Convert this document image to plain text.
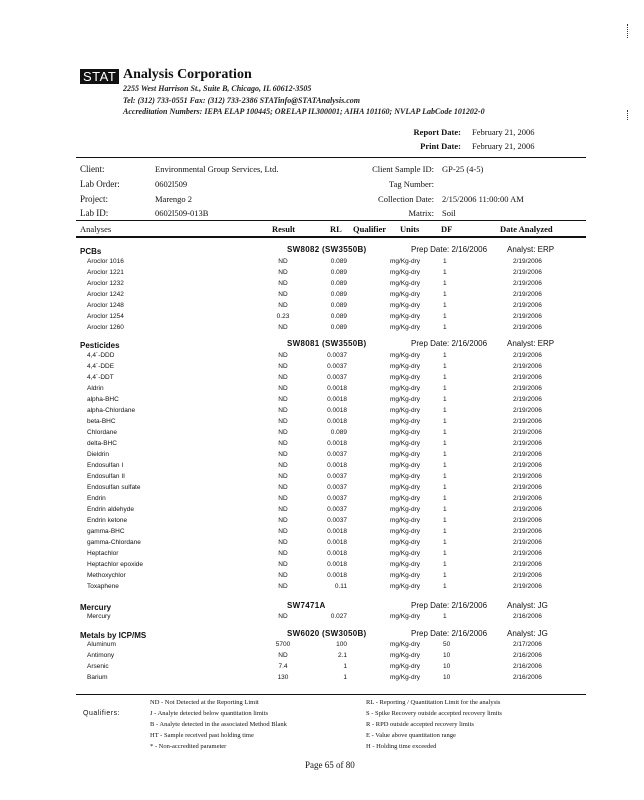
STAT Analysis Corporation
2255 West Harrison St., Suite B, Chicago, IL 60612-3505
Tel: (312) 733-0551 Fax: (312) 733-2386 STATinfo@STATAnalysis.com
Accreditation Numbers: IEPA ELAP 100445; ORELAP IL300001; AIHA 101160; NVLAP LabCode 101202-0
Report Date: February 21, 2006
Print Date: February 21, 2006
Client:	Environmental Group Services, Ltd.
Lab Order:	0602l509
Project:	Marengo 2
Lab ID:	0602l509-013B
Client Sample ID: GP-25 (4-5)
Tag Number:
Collection Date: 2/15/2006 11:00:00 AM
Matrix: Soil
Analyses	Result	RL Qualifier Units	DF	Date Analyzed
PCBs	SW8082 (SW3550B)	Prep Date: 2/16/2006 Analyst: ERP
Aroclor 1016	ND	0.089	mg/Kg-dry	1	2/19/2006
Aroclor 1221	ND	0.089	mg/Kg-dry	1	2/19/2006
Aroclor 1232	ND	0.089	mg/Kg-dry	1	2/19/2006
Aroclor 1242	ND	0.089	mg/Kg-dry	1	2/19/2006
Aroclor 1248	ND	0.089	mg/Kg-dry	1	2/19/2006
Aroclor 1254	0.23	0.089	mg/Kg-dry	1	2/19/2006
Aroclor 1260	ND	0.089	mg/Kg-dry	1	2/19/2006
Pesticides	SW8081 (SW3550B)	Prep Date: 2/16/2006 Analyst: ERP
4,4´-DDD	ND	0.0037	mg/Kg-dry	1	2/19/2006
4,4´-DDE	ND	0.0037	mg/Kg-dry	1	2/19/2006
4,4´-DDT	ND	0.0037	mg/Kg-dry	1	2/19/2006
Aldrin	ND	0.0018	mg/Kg-dry	1	2/19/2006
alpha-BHC	ND	0.0018	mg/Kg-dry	1	2/19/2006
alpha-Chlordane	ND	0.0018	mg/Kg-dry	1	2/19/2006
beta-BHC	ND	0.0018	mg/Kg-dry	1	2/19/2006
Chlordane	ND	0.089	mg/Kg-dry	1	2/19/2006
delta-BHC	ND	0.0018	mg/Kg-dry	1	2/19/2006
Dieldrin	ND	0.0037	mg/Kg-dry	1	2/19/2006
Endosulfan I	ND	0.0018	mg/Kg-dry	1	2/19/2006
Endosulfan II	ND	0.0037	mg/Kg-dry	1	2/19/2006
Endosulfan sulfate	ND	0.0037	mg/Kg-dry	1	2/19/2006
Endrin	ND	0.0037	mg/Kg-dry	1	2/19/2006
Endrin aldehyde	ND	0.0037	mg/Kg-dry	1	2/19/2006
Endrin ketone	ND	0.0037	mg/Kg-dry	1	2/19/2006
gamma-BHC	ND	0.0018	mg/Kg-dry	1	2/19/2006
gamma-Chlordane	ND	0.0018	mg/Kg-dry	1	2/19/2006
Heptachlor	ND	0.0018	mg/Kg-dry	1	2/19/2006
Heptachlor epoxide	ND	0.0018	mg/Kg-dry	1	2/19/2006
Methoxychlor	ND	0.0018	mg/Kg-dry	1	2/19/2006
Toxaphene	ND	0.11	mg/Kg-dry	1	2/19/2006
Mercury	SW7471A	Prep Date: 2/16/2006 Analyst: JG
Mercury	ND	0.027	mg/Kg-dry	1	2/16/2006
Metals by ICP/MS	SW6020 (SW3050B)	Prep Date: 2/16/2006 Analyst: JG
Aluminum	5700	100	mg/Kg-dry	50	2/17/2006
Antimony	ND	2.1	mg/Kg-dry	10	2/16/2006
Arsenic	7.4	1	mg/Kg-dry	10	2/16/2006
Barium	130	1	mg/Kg-dry	10	2/16/2006
Qualifiers:
ND - Not Detected at the Reporting Limit
J - Analyte detected below quantitation limits
B - Analyte detected in the associated Method Blank
HT - Sample received past holding time
* - Non-accredited parameter
RL - Reporting / Quantitation Limit for the analysis
S - Spike Recovery outside accepted recovery limits
R - RPD outside accepted recovery limits
E - Value above quantitation range
H - Holding time exceeded
Page 65 of 80
